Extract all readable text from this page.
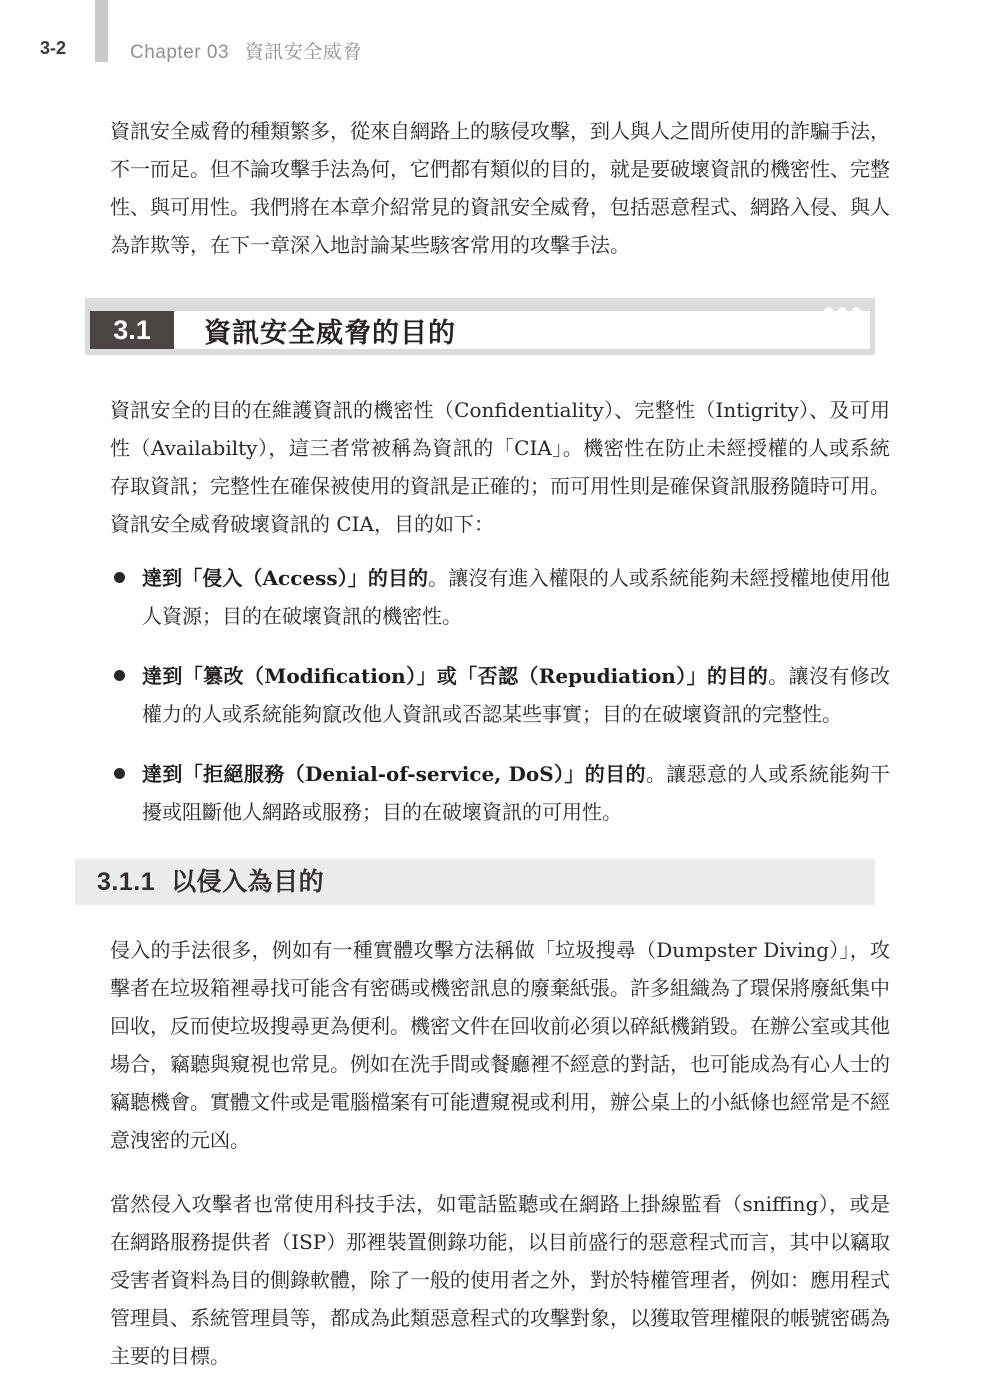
3-2	Chapter 03 資訊安全威脅

資訊安全威脅的種類繁多，從來自網路上的駭侵攻擊，到人與人之間所使用的詐騙手法，不一而足。但不論攻擊手法為何，它們都有類似的目的，就是要破壞資訊的機密性、完整性、與可用性。我們將在本章介紹常見的資訊安全威脅，包括惡意程式、網路入侵、與人為詐欺等，在下一章深入地討論某些駭客常用的攻擊手法。

3.1	資訊安全威脅的目的

資訊安全的目的在維護資訊的機密性（Confidentiality）、完整性（Intigrity）、及可用性（Availabilty），這三者常被稱為資訊的「CIA」。機密性在防止未經授權的人或系統存取資訊；完整性在確保被使用的資訊是正確的；而可用性則是確保資訊服務隨時可用。資訊安全威脅破壞資訊的 CIA，目的如下：

達到「侵入（Access）」的目的。讓沒有進入權限的人或系統能夠未經授權地使用他人資源；目的在破壞資訊的機密性。

達到「篡改（Modification）」或「否認（Repudiation）」的目的。讓沒有修改權力的人或系統能夠竄改他人資訊或否認某些事實；目的在破壞資訊的完整性。

達到「拒絕服務（Denial-of-service, DoS）」的目的。讓惡意的人或系統能夠干擾或阻斷他人網路或服務；目的在破壞資訊的可用性。

3.1.1 以侵入為目的

侵入的手法很多，例如有一種實體攻擊方法稱做「垃圾搜尋（Dumpster Diving）」，攻擊者在垃圾箱裡尋找可能含有密碼或機密訊息的廢棄紙張。許多組織為了環保將廢紙集中回收，反而使垃圾搜尋更為便利。機密文件在回收前必須以碎紙機銷毀。在辦公室或其他場合，竊聽與窺視也常見。例如在洗手間或餐廳裡不經意的對話，也可能成為有心人士的竊聽機會。實體文件或是電腦檔案有可能遭窺視或利用，辦公桌上的小紙條也經常是不經意洩密的元凶。

當然侵入攻擊者也常使用科技手法，如電話監聽或在網路上掛線監看（sniffing），或是在網路服務提供者（ISP）那裡裝置側錄功能，以目前盛行的惡意程式而言，其中以竊取受害者資料為目的側錄軟體，除了一般的使用者之外，對於特權管理者，例如：應用程式管理員、系統管理員等，都成為此類惡意程式的攻擊對象，以獲取管理權限的帳號密碼為主要的目標。
